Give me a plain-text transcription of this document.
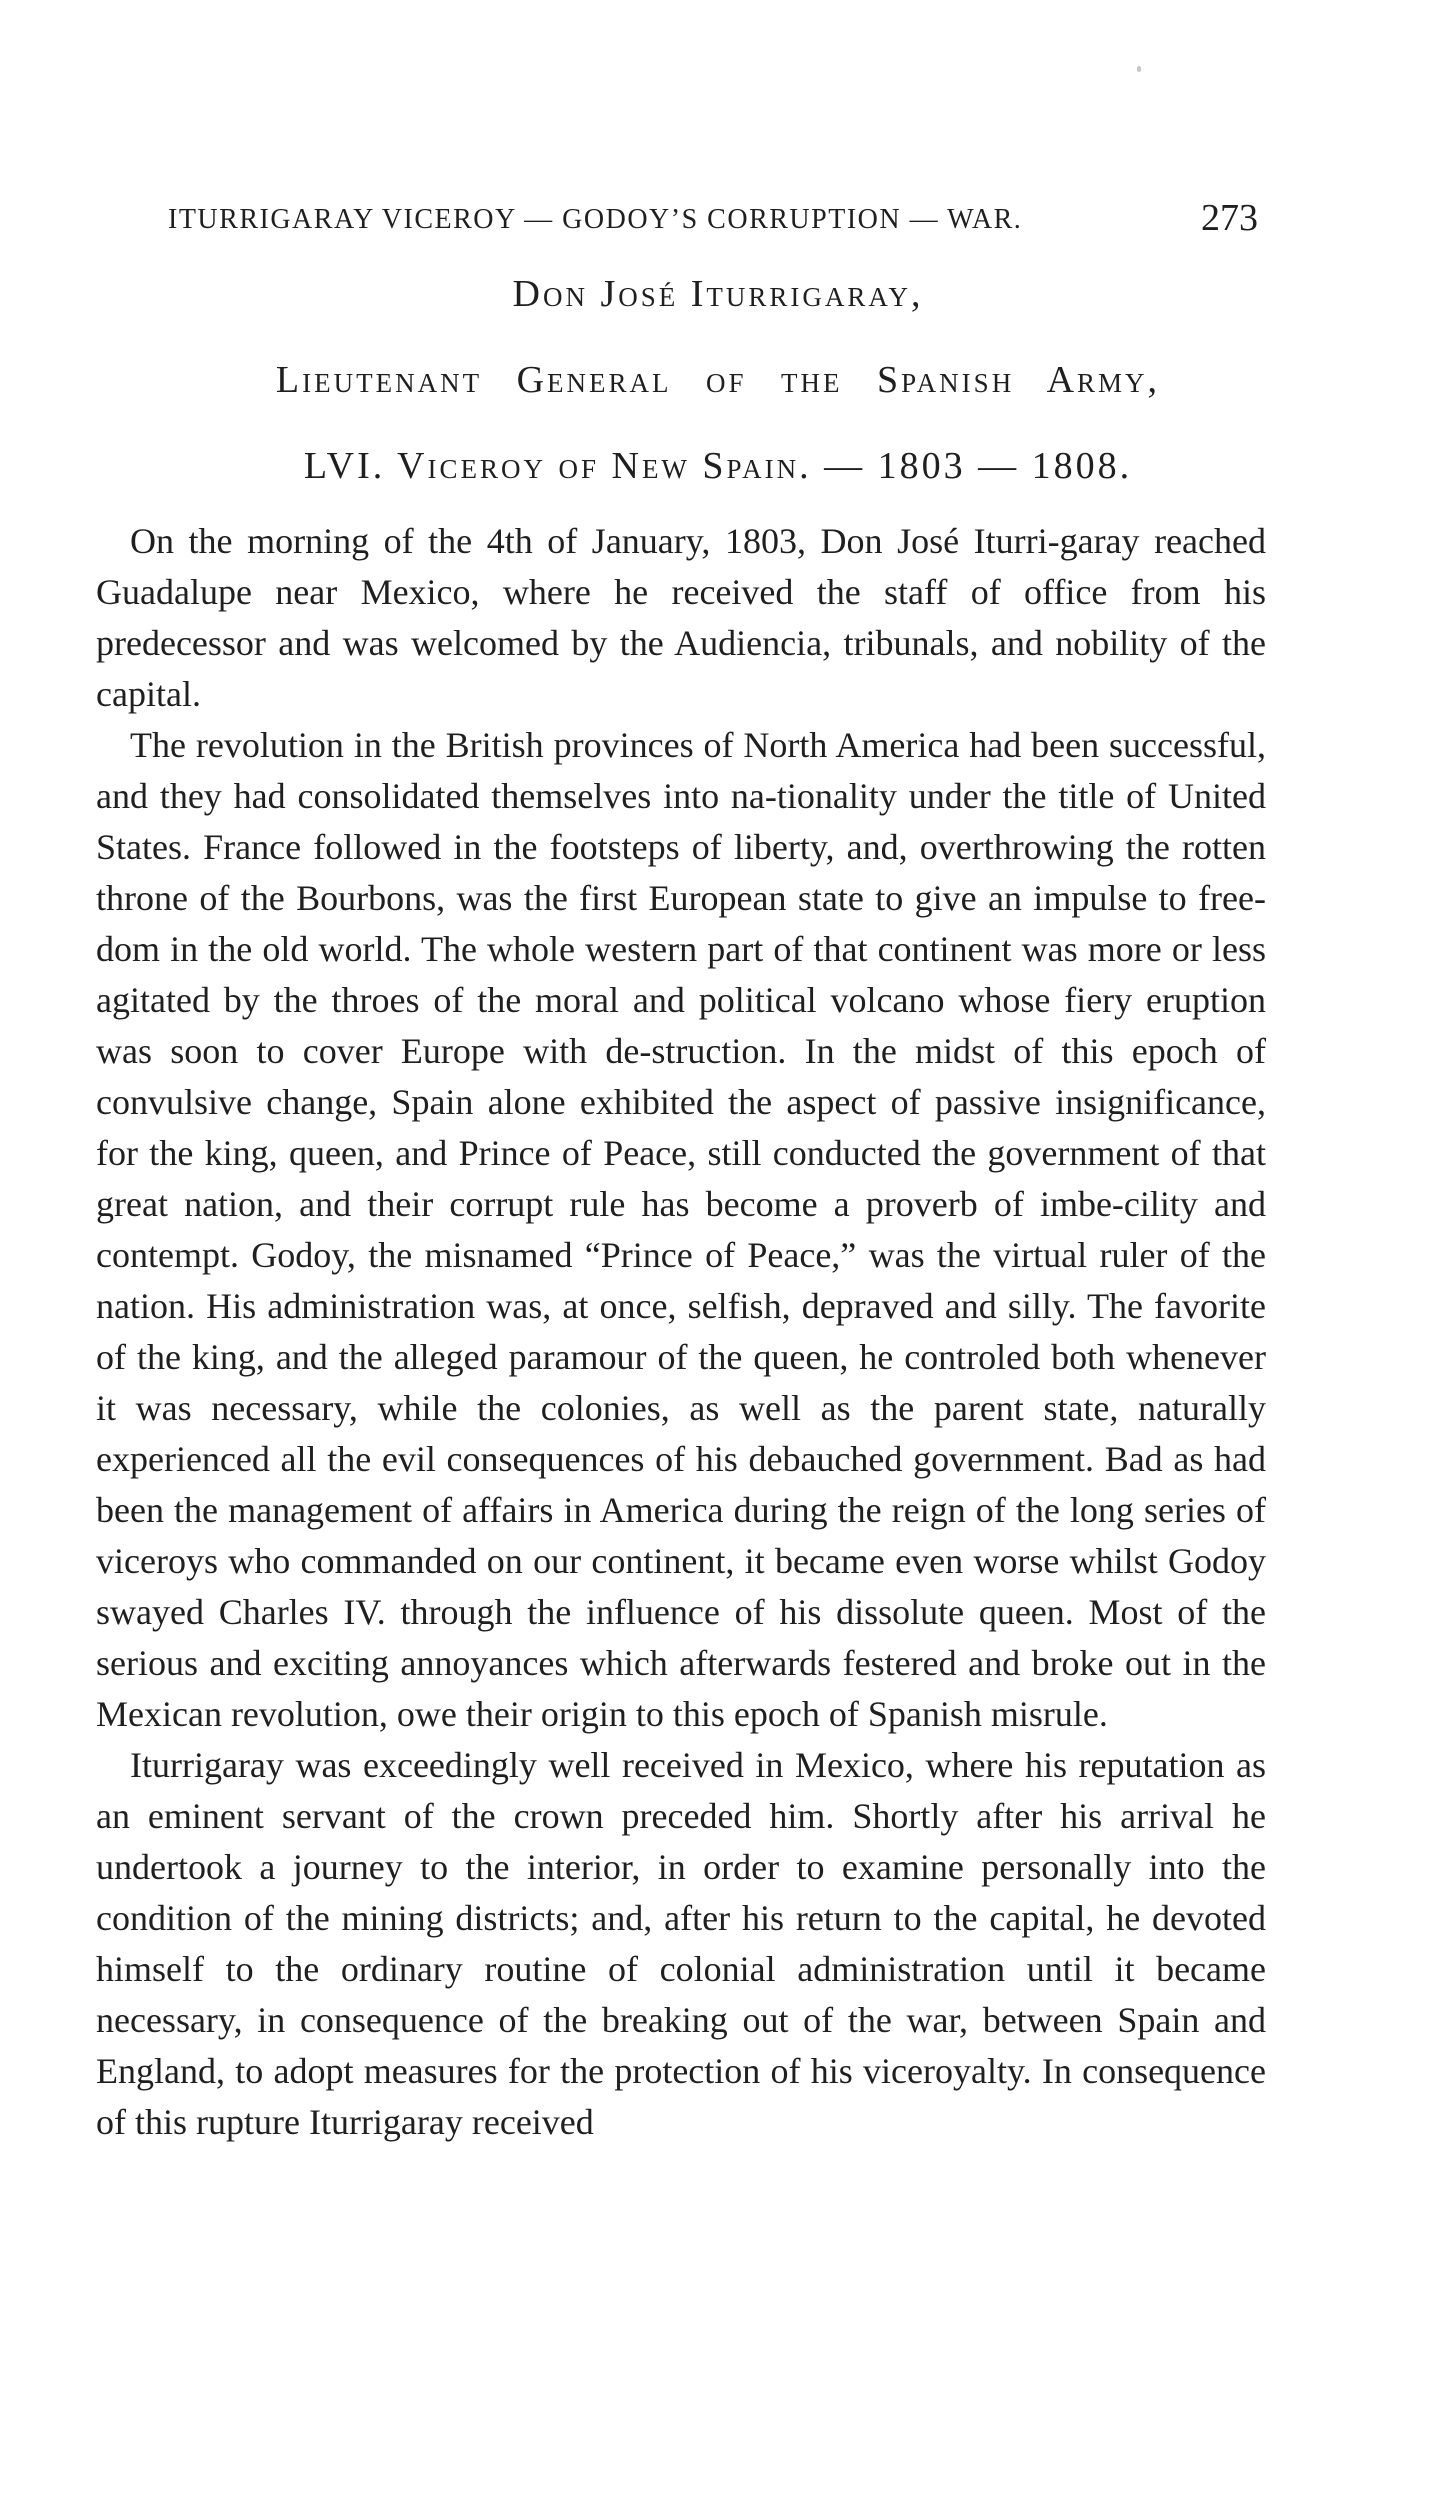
ITURRIGARAY VICEROY — GODOY’S CORRUPTION — WAR.	273
Don José Iturrigaray,
Lieutenant General of the Spanish Army,
LVI. Viceroy of New Spain. — 1803 — 1808.

On the morning of the 4th of January, 1803, Don José Iturri-garay reached Guadalupe near Mexico, where he received the staff of office from his predecessor and was welcomed by the Audiencia, tribunals, and nobility of the capital.

The revolution in the British provinces of North America had been successful, and they had consolidated themselves into na-tionality under the title of United States. France followed in the footsteps of liberty, and, overthrowing the rotten throne of the Bourbons, was the first European state to give an impulse to free-dom in the old world. The whole western part of that continent was more or less agitated by the throes of the moral and political volcano whose fiery eruption was soon to cover Europe with de-struction. In the midst of this epoch of convulsive change, Spain alone exhibited the aspect of passive insignificance, for the king, queen, and Prince of Peace, still conducted the government of that great nation, and their corrupt rule has become a proverb of imbe-cility and contempt. Godoy, the misnamed “Prince of Peace,” was the virtual ruler of the nation. His administration was, at once, selfish, depraved and silly. The favorite of the king, and the alleged paramour of the queen, he controled both whenever it was necessary, while the colonies, as well as the parent state, naturally experienced all the evil consequences of his debauched government. Bad as had been the management of affairs in America during the reign of the long series of viceroys who commanded on our continent, it became even worse whilst Godoy swayed Charles IV. through the influence of his dissolute queen. Most of the serious and exciting annoyances which afterwards festered and broke out in the Mexican revolution, owe their origin to this epoch of Spanish misrule.

Iturrigaray was exceedingly well received in Mexico, where his reputation as an eminent servant of the crown preceded him. Shortly after his arrival he undertook a journey to the interior, in order to examine personally into the condition of the mining districts; and, after his return to the capital, he devoted himself to the ordinary routine of colonial administration until it became necessary, in consequence of the breaking out of the war, between Spain and England, to adopt measures for the protection of his viceroyalty. In consequence of this rupture Iturrigaray received
